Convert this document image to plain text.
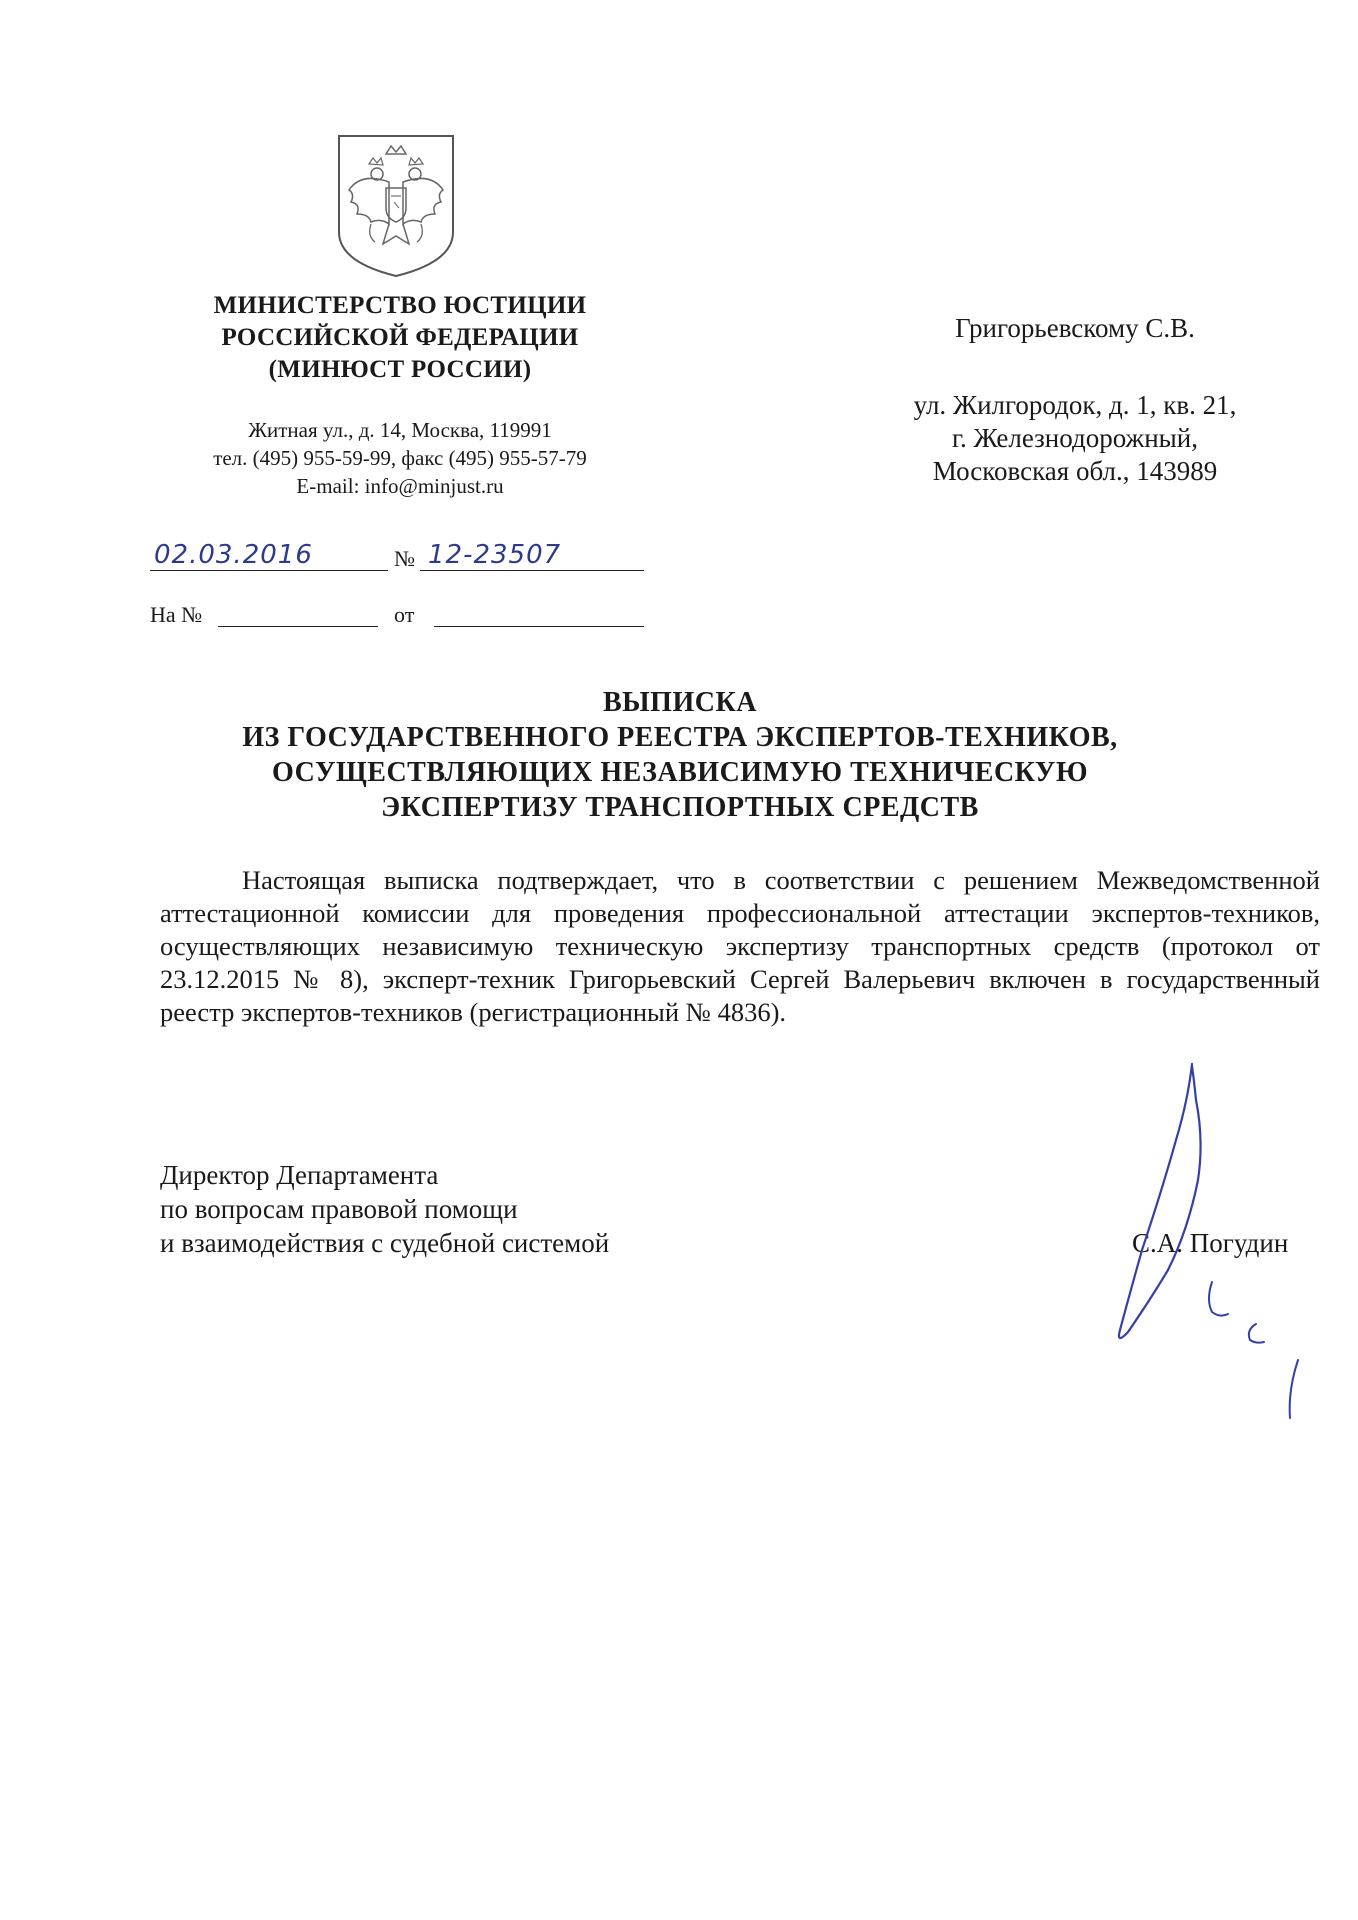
МИНИСТЕРСТВО ЮСТИЦИИ
РОССИЙСКОЙ ФЕДЕРАЦИИ
(МИНЮСТ РОССИИ)
Житная ул., д. 14, Москва, 119991
тел. (495) 955-59-99, факс (495) 955-57-79
E-mail: info@minjust.ru
02.03.2016	№ 12-23507
На №	от
Григорьевскому С.В.
ул. Жилгородок, д. 1, кв. 21,
г. Железнодорожный,
Московская обл., 143989
ВЫПИСКА
ИЗ ГОСУДАРСТВЕННОГО РЕЕСТРА ЭКСПЕРТОВ-ТЕХНИКОВ,
ОСУЩЕСТВЛЯЮЩИХ НЕЗАВИСИМУЮ ТЕХНИЧЕСКУЮ
ЭКСПЕРТИЗУ ТРАНСПОРТНЫХ СРЕДСТВ
Настоящая выписка подтверждает, что в соответствии с решением Межведомственной аттестационной комиссии для проведения профессиональной аттестации экспертов-техников, осуществляющих независимую техническую экспертизу транспортных средств (протокол от 23.12.2015 № 8), эксперт-техник Григорьевский Сергей Валерьевич включен в государственный реестр экспертов-техников (регистрационный № 4836).
Директор Департамента
по вопросам правовой помощи
и взаимодействия с судебной системой	С.А. Погудин
